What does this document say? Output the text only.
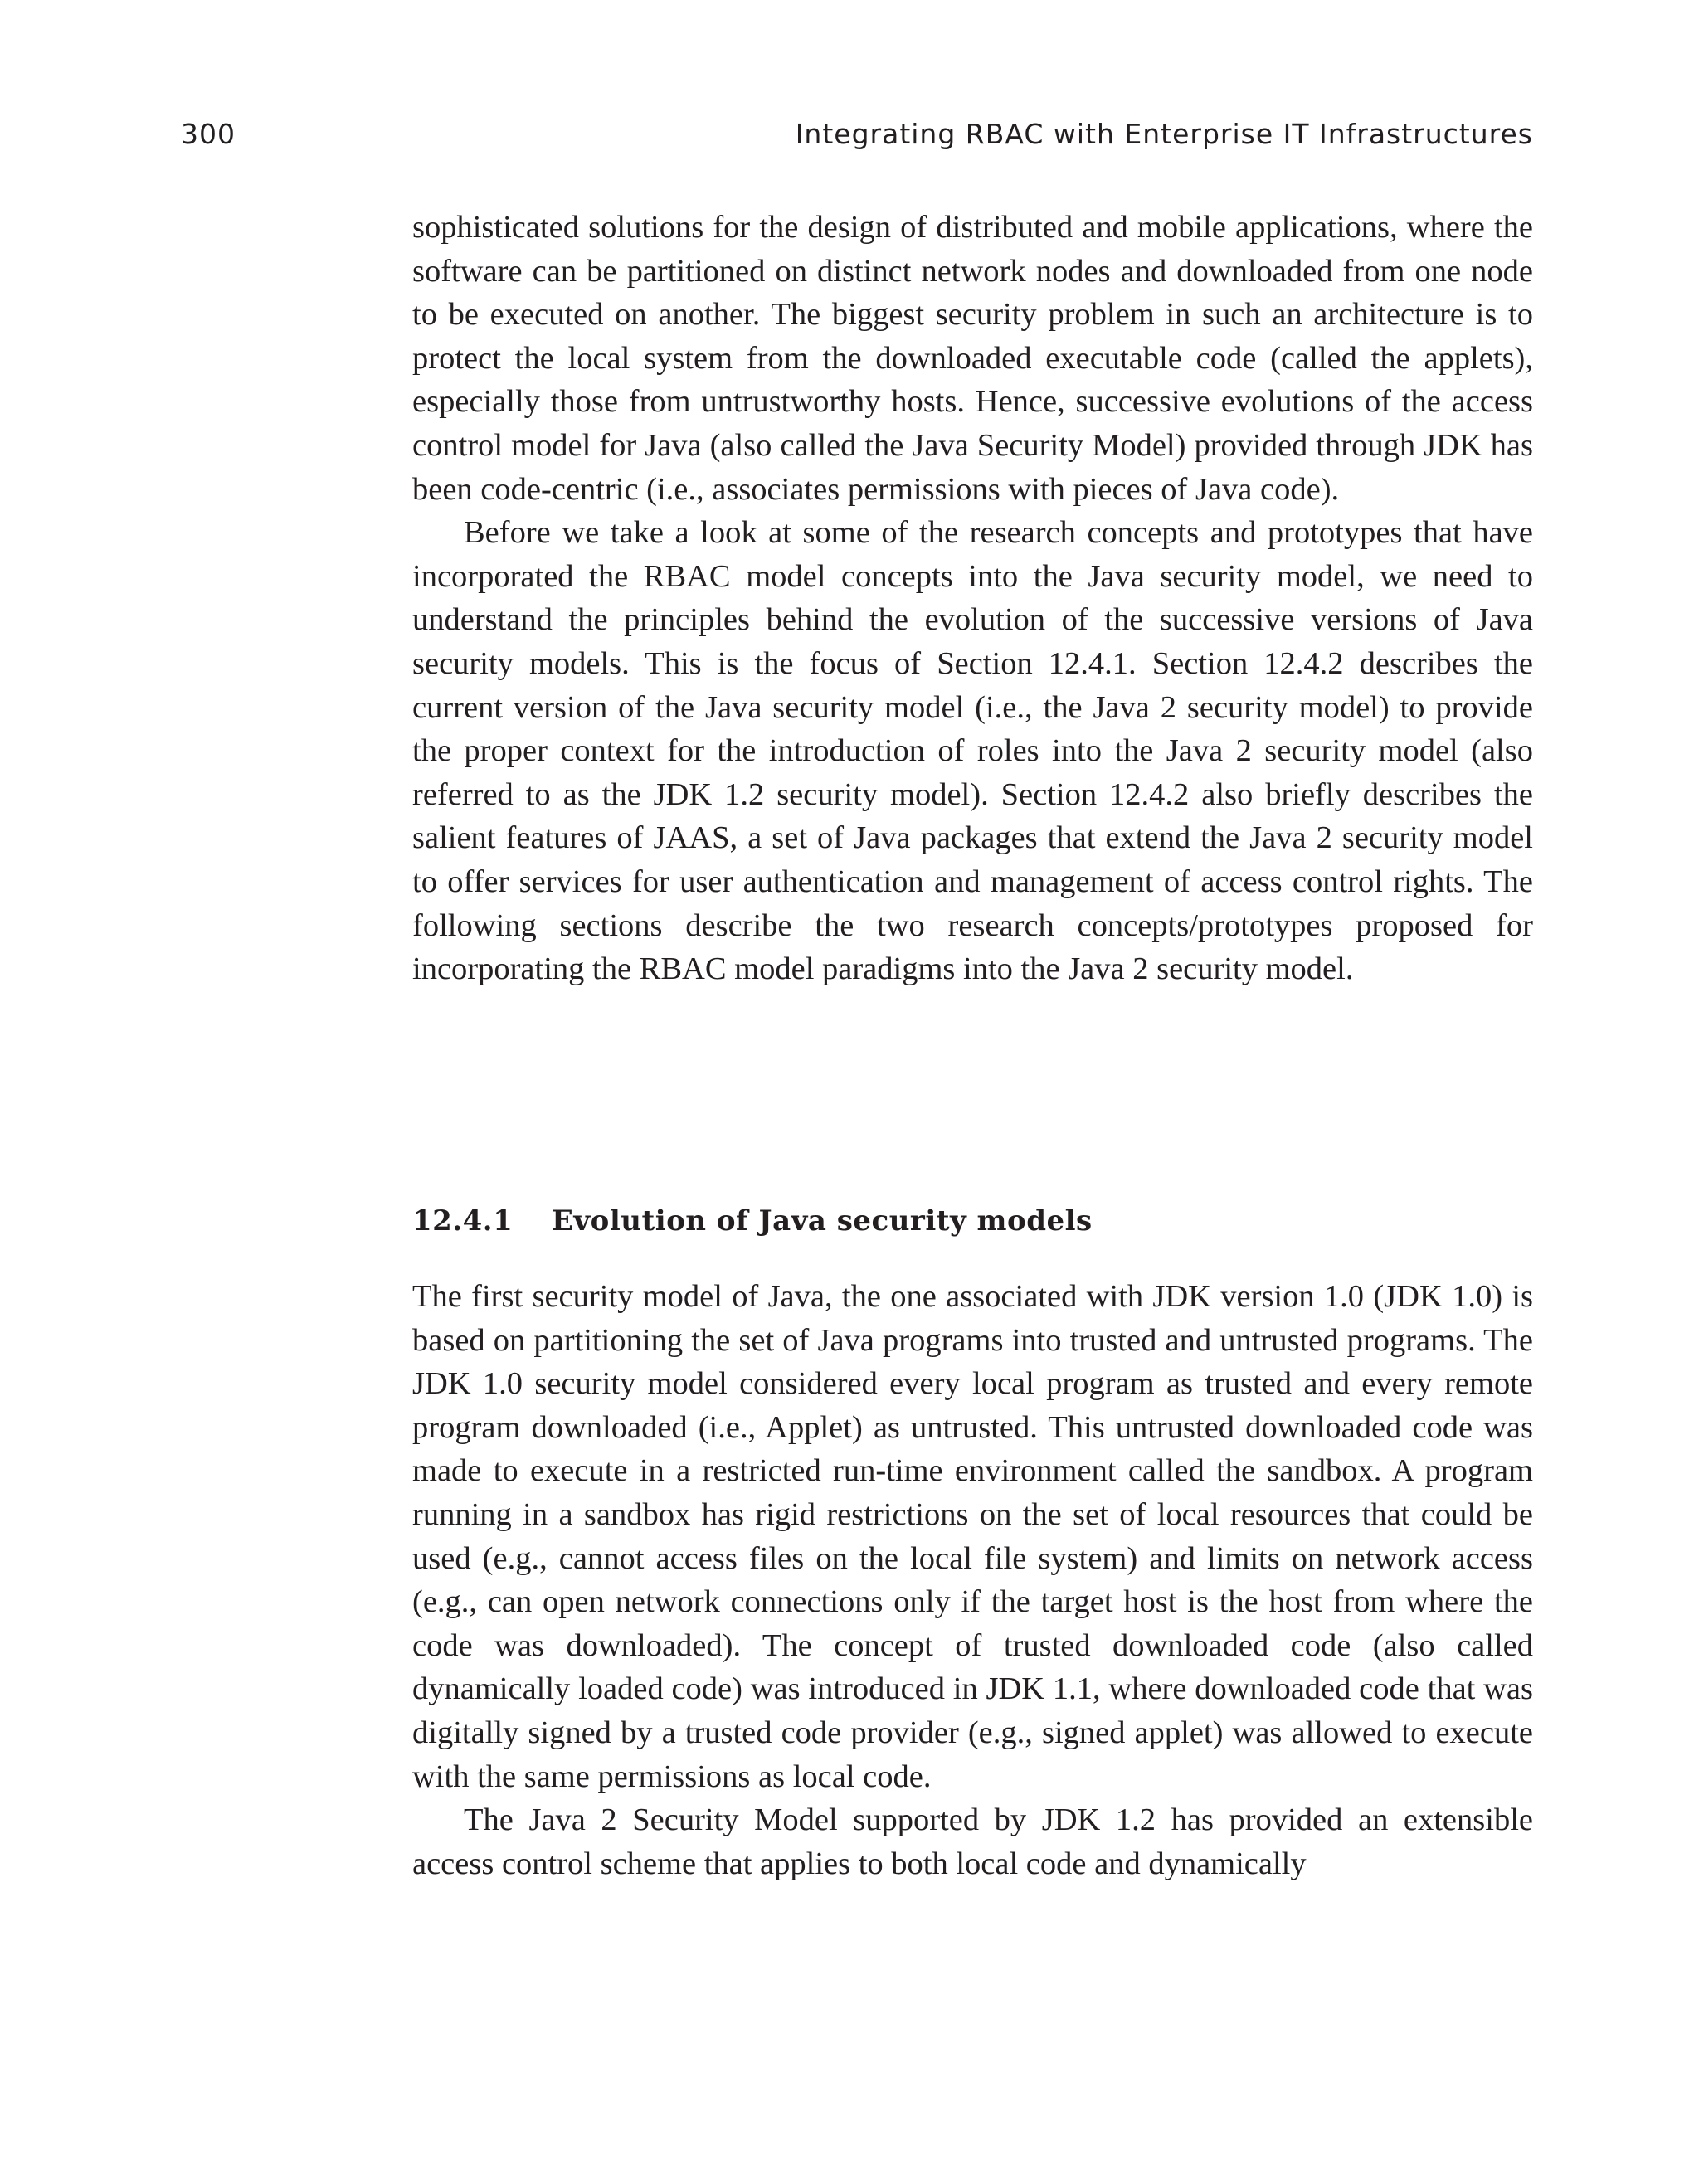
300	Integrating RBAC with Enterprise IT Infrastructures

sophisticated solutions for the design of distributed and mobile applications, where the software can be partitioned on distinct network nodes and downloaded from one node to be executed on another. The biggest security problem in such an architecture is to protect the local system from the downloaded executable code (called the applets), especially those from untrustworthy hosts. Hence, successive evolutions of the access control model for Java (also called the Java Security Model) provided through JDK has been code-centric (i.e., associates permissions with pieces of Java code).

Before we take a look at some of the research concepts and prototypes that have incorporated the RBAC model concepts into the Java security model, we need to understand the principles behind the evolution of the successive versions of Java security models. This is the focus of Section 12.4.1. Section 12.4.2 describes the current version of the Java security model (i.e., the Java 2 security model) to provide the proper context for the introduction of roles into the Java 2 security model (also referred to as the JDK 1.2 security model). Section 12.4.2 also briefly describes the salient features of JAAS, a set of Java packages that extend the Java 2 security model to offer services for user authentication and management of access control rights. The following sections describe the two research concepts/prototypes proposed for incorporating the RBAC model paradigms into the Java 2 security model.

12.4.1 Evolution of Java security models

The first security model of Java, the one associated with JDK version 1.0 (JDK 1.0) is based on partitioning the set of Java programs into trusted and untrusted programs. The JDK 1.0 security model considered every local program as trusted and every remote program downloaded (i.e., Applet) as untrusted. This untrusted downloaded code was made to execute in a restricted run-time environment called the sandbox. A program running in a sandbox has rigid restrictions on the set of local resources that could be used (e.g., cannot access files on the local file system) and limits on network access (e.g., can open network connections only if the target host is the host from where the code was downloaded). The concept of trusted downloaded code (also called dynamically loaded code) was introduced in JDK 1.1, where downloaded code that was digitally signed by a trusted code provider (e.g., signed applet) was allowed to execute with the same permissions as local code.

The Java 2 Security Model supported by JDK 1.2 has provided an extensible access control scheme that applies to both local code and dynamically
